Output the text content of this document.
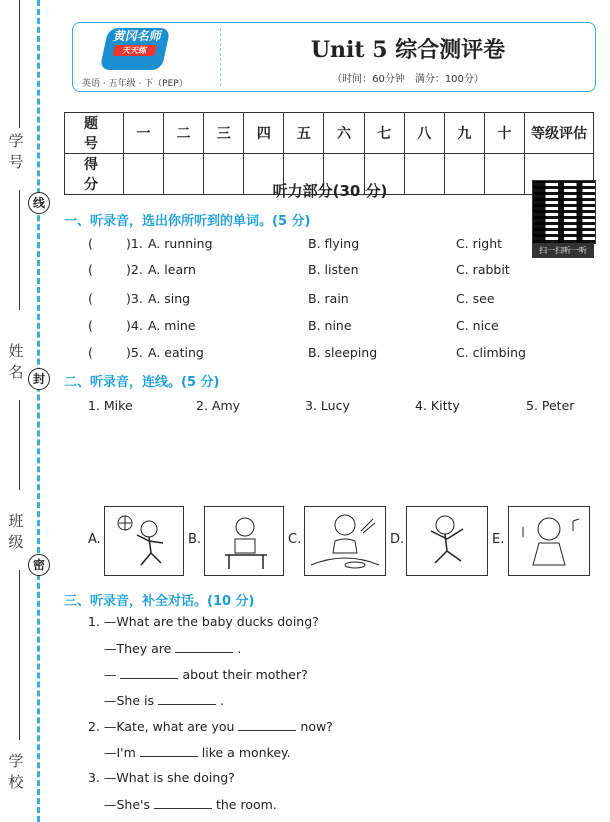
学　号
姓　名
班　级
学　校
线
封
密
黄冈名师
天天练
英语 · 五年级 · 下（PEP）
Unit 5 综合测评卷
（时间：60分钟　满分：100分）
题　号	一	二	三	四	五	六	七	八	九	十	等级评估
得　分												听力部分(30 分)
扫一扫听一听
一、听录音，选出你所听到的单词。(5 分)
(	)1. A. running	B. flying	C. right
(	)2. A. learn	B. listen	C. rabbit
(	)3. A. sing	B. rain	C. see
(	)4. A. mine	B. nine	C. nice
(	)5. A. eating	B. sleeping	C. climbing
二、听录音，连线。(5 分)
1. Mike	2. Amy	3. Lucy	4. Kitty	5. Peter
A.	B.	C.	D.	E.
三、听录音，补全对话。(10 分)
1. —What are the baby ducks doing?
—They are	.
—	about their mother?
—She is	.
2. —Kate, what are you	now?
—I'm	like a monkey.
3. —What is she doing?
—She's	the room.
